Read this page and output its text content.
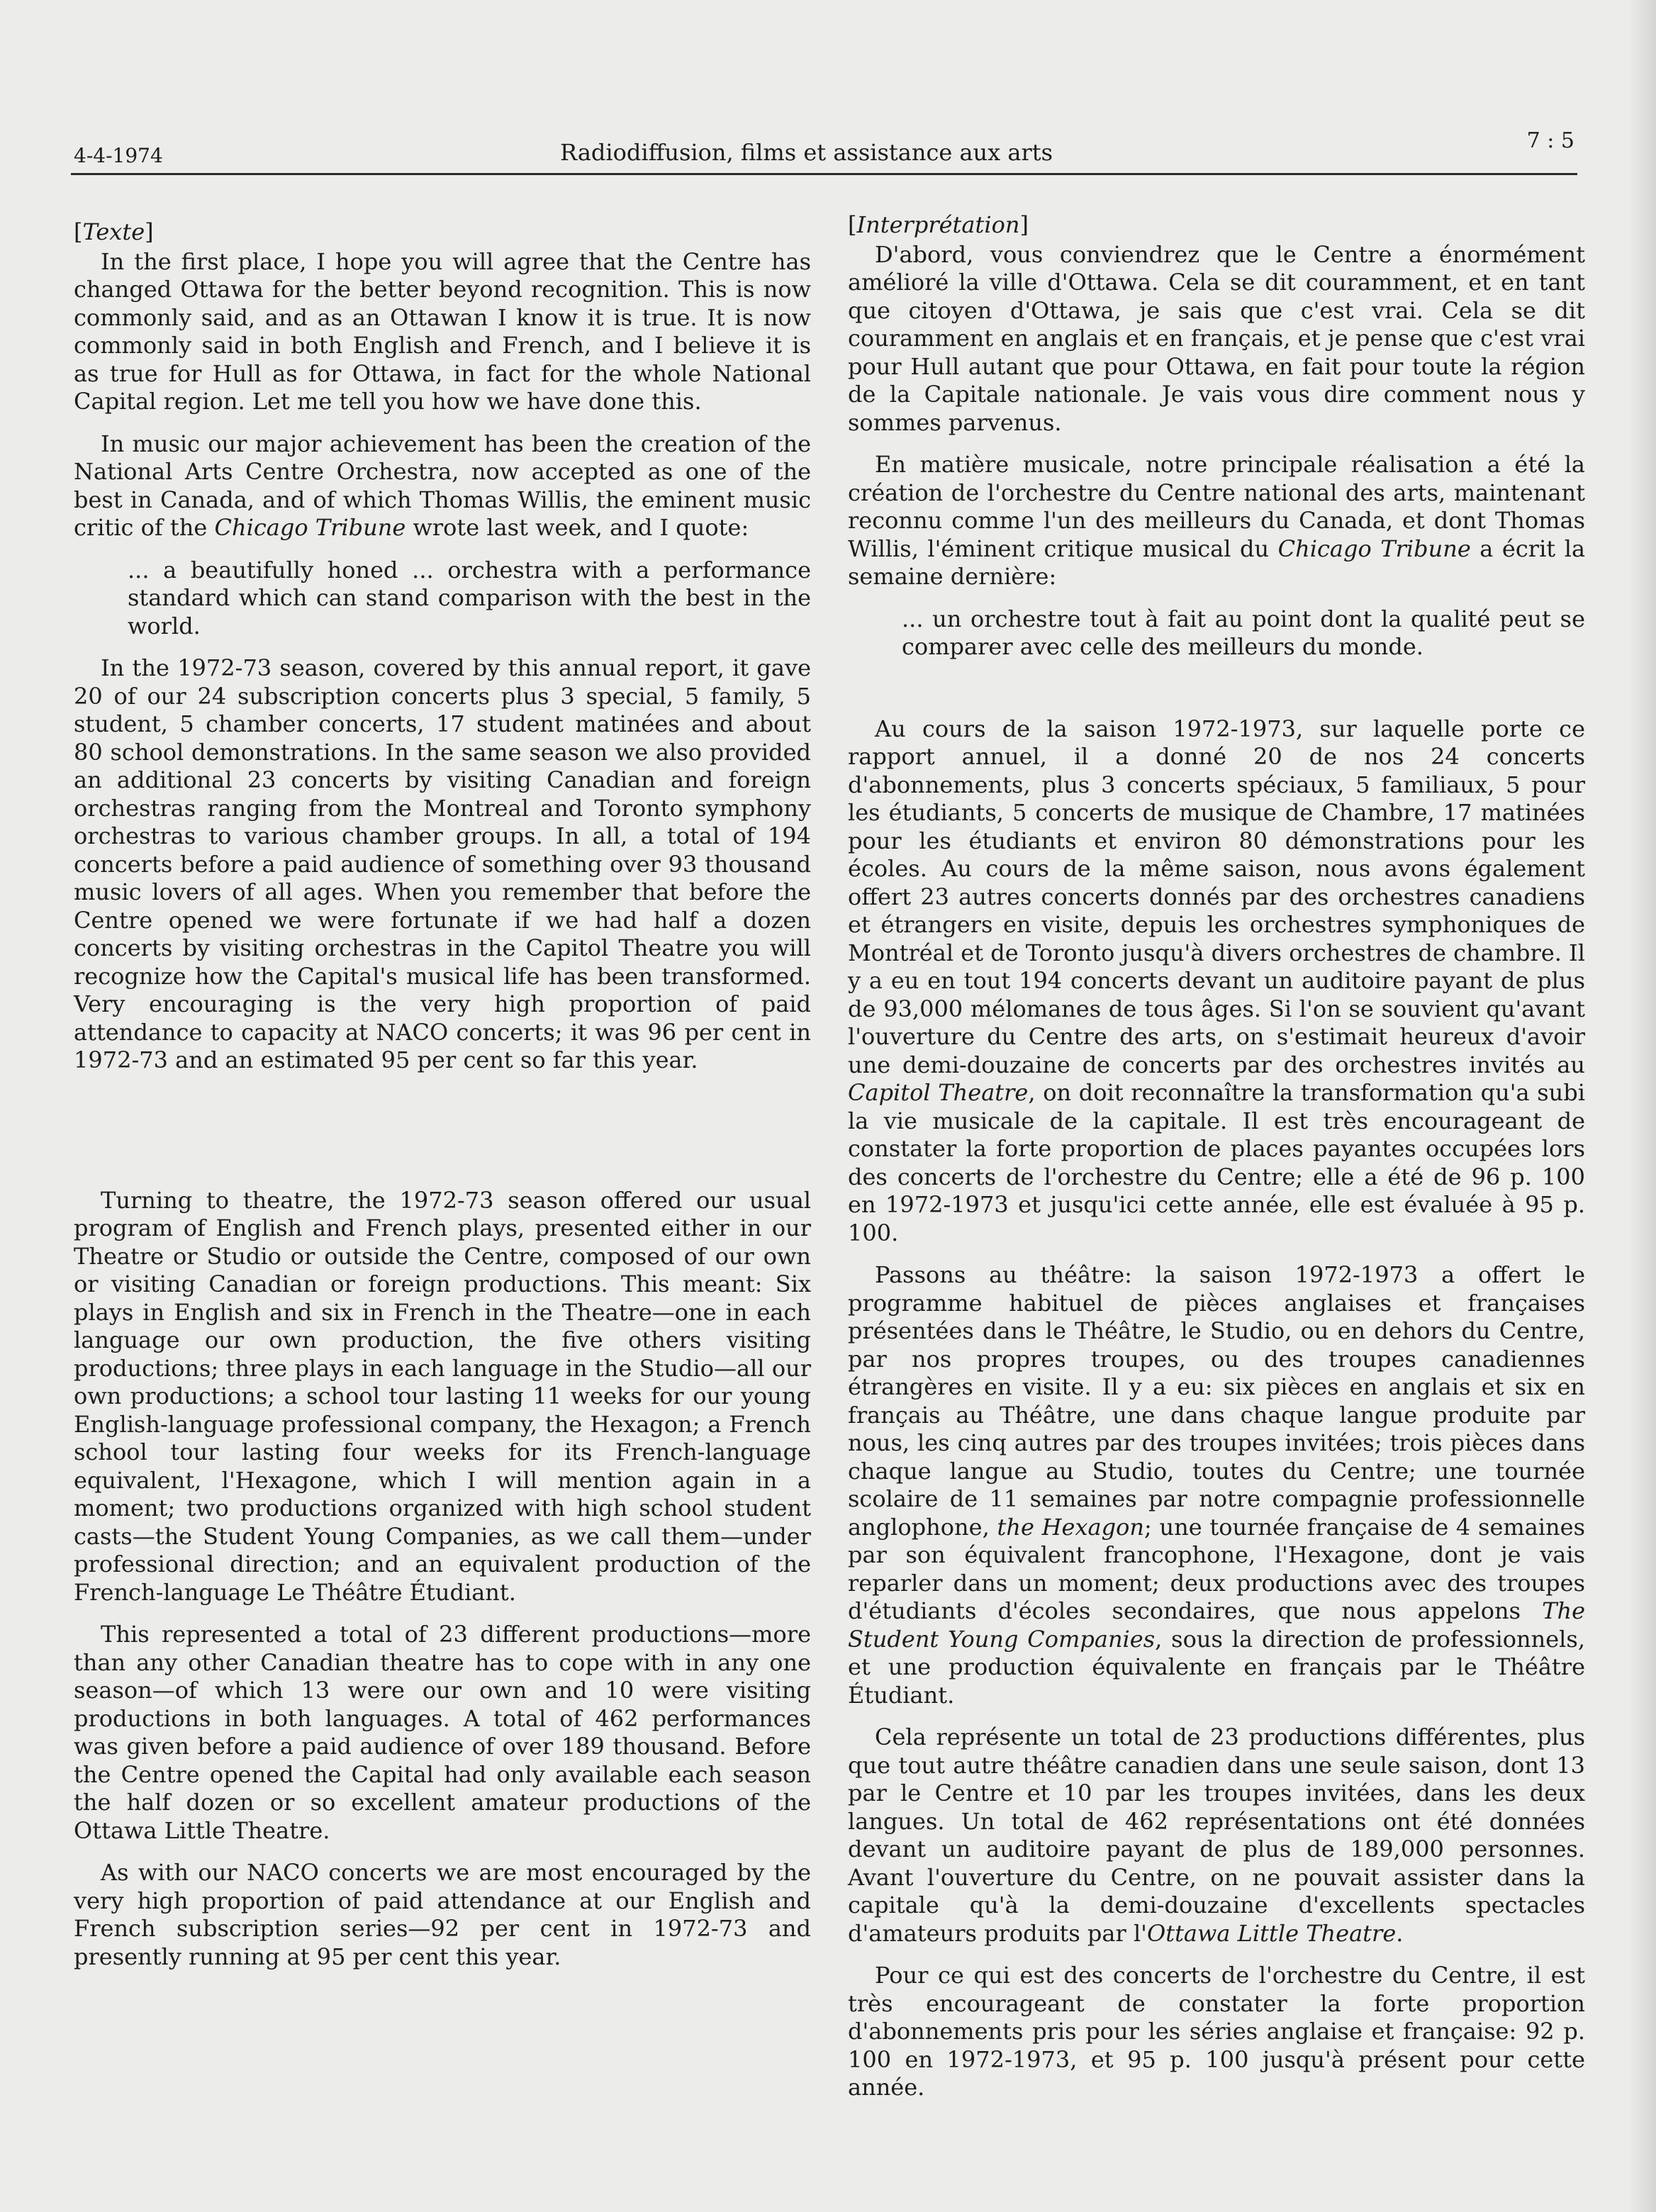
4-4-1974	Radiodiffusion, films et assistance aux arts	7 : 5
[Texte]

In the first place, I hope you will agree that the Centre has changed Ottawa for the better beyond recognition. This is now commonly said, and as an Ottawan I know it is true. It is now commonly said in both English and French, and I believe it is as true for Hull as for Ottawa, in fact for the whole National Capital region. Let me tell you how we have done this.

In music our major achievement has been the creation of the National Arts Centre Orchestra, now accepted as one of the best in Canada, and of which Thomas Willis, the eminent music critic of the Chicago Tribune wrote last week, and I quote:

... a beautifully honed ... orchestra with a performance standard which can stand comparison with the best in the world.

In the 1972-73 season, covered by this annual report, it gave 20 of our 24 subscription concerts plus 3 special, 5 family, 5 student, 5 chamber concerts, 17 student matinées and about 80 school demonstrations. In the same season we also provided an additional 23 concerts by visiting Canadian and foreign orchestras ranging from the Montreal and Toronto symphony orchestras to various chamber groups. In all, a total of 194 concerts before a paid audience of something over 93 thousand music lovers of all ages. When you remember that before the Centre opened we were fortunate if we had half a dozen concerts by visiting orchestras in the Capitol Theatre you will recognize how the Capital's musical life has been transformed. Very encouraging is the very high proportion of paid attendance to capacity at NACO concerts; it was 96 per cent in 1972-73 and an estimated 95 per cent so far this year.

Turning to theatre, the 1972-73 season offered our usual program of English and French plays, presented either in our Theatre or Studio or outside the Centre, composed of our own or visiting Canadian or foreign productions. This meant: Six plays in English and six in French in the Theatre—one in each language our own production, the five others visiting productions; three plays in each language in the Studio—all our own productions; a school tour lasting 11 weeks for our young English-language professional company, the Hexagon; a French school tour lasting four weeks for its French-language equivalent, l'Hexagone, which I will mention again in a moment; two productions organized with high school student casts—the Student Young Companies, as we call them—under professional direction; and an equivalent production of the French-language Le Théâtre Étudiant.

This represented a total of 23 different productions—more than any other Canadian theatre has to cope with in any one season—of which 13 were our own and 10 were visiting productions in both languages. A total of 462 performances was given before a paid audience of over 189 thousand. Before the Centre opened the Capital had only available each season the half dozen or so excellent amateur productions of the Ottawa Little Theatre.

As with our NACO concerts we are most encouraged by the very high proportion of paid attendance at our English and French subscription series—92 per cent in 1972-73 and presently running at 95 per cent this year.

[Interprétation]

D'abord, vous conviendrez que le Centre a énormément amélioré la ville d'Ottawa. Cela se dit couramment, et en tant que citoyen d'Ottawa, je sais que c'est vrai. Cela se dit couramment en anglais et en français, et je pense que c'est vrai pour Hull autant que pour Ottawa, en fait pour toute la région de la Capitale nationale. Je vais vous dire comment nous y sommes parvenus.

En matière musicale, notre principale réalisation a été la création de l'orchestre du Centre national des arts, maintenant reconnu comme l'un des meilleurs du Canada, et dont Thomas Willis, l'éminent critique musical du Chicago Tribune a écrit la semaine dernière:

... un orchestre tout à fait au point dont la qualité peut se comparer avec celle des meilleurs du monde.

Au cours de la saison 1972-1973, sur laquelle porte ce rapport annuel, il a donné 20 de nos 24 concerts d'abonnements, plus 3 concerts spéciaux, 5 familiaux, 5 pour les étudiants, 5 concerts de musique de Chambre, 17 matinées pour les étudiants et environ 80 démonstrations pour les écoles. Au cours de la même saison, nous avons également offert 23 autres concerts donnés par des orchestres canadiens et étrangers en visite, depuis les orchestres symphoniques de Montréal et de Toronto jusqu'à divers orchestres de chambre. Il y a eu en tout 194 concerts devant un auditoire payant de plus de 93,000 mélomanes de tous âges. Si l'on se souvient qu'avant l'ouverture du Centre des arts, on s'estimait heureux d'avoir une demi-douzaine de concerts par des orchestres invités au Capitol Theatre, on doit reconnaître la transformation qu'a subi la vie musicale de la capitale. Il est très encourageant de constater la forte proportion de places payantes occupées lors des concerts de l'orchestre du Centre; elle a été de 96 p. 100 en 1972-1973 et jusqu'ici cette année, elle est évaluée à 95 p. 100.

Passons au théâtre: la saison 1972-1973 a offert le programme habituel de pièces anglaises et françaises présentées dans le Théâtre, le Studio, ou en dehors du Centre, par nos propres troupes, ou des troupes canadiennes étrangères en visite. Il y a eu: six pièces en anglais et six en français au Théâtre, une dans chaque langue produite par nous, les cinq autres par des troupes invitées; trois pièces dans chaque langue au Studio, toutes du Centre; une tournée scolaire de 11 semaines par notre compagnie professionnelle anglophone, the Hexagon; une tournée française de 4 semaines par son équivalent francophone, l'Hexagone, dont je vais reparler dans un moment; deux productions avec des troupes d'étudiants d'écoles secondaires, que nous appelons The Student Young Companies, sous la direction de professionnels, et une production équivalente en français par le Théâtre Étudiant.

Cela représente un total de 23 productions différentes, plus que tout autre théâtre canadien dans une seule saison, dont 13 par le Centre et 10 par les troupes invitées, dans les deux langues. Un total de 462 représentations ont été données devant un auditoire payant de plus de 189,000 personnes. Avant l'ouverture du Centre, on ne pouvait assister dans la capitale qu'à la demi-douzaine d'excellents spectacles d'amateurs produits par l'Ottawa Little Theatre.

Pour ce qui est des concerts de l'orchestre du Centre, il est très encourageant de constater la forte proportion d'abonnements pris pour les séries anglaise et française: 92 p. 100 en 1972-1973, et 95 p. 100 jusqu'à présent pour cette année.
